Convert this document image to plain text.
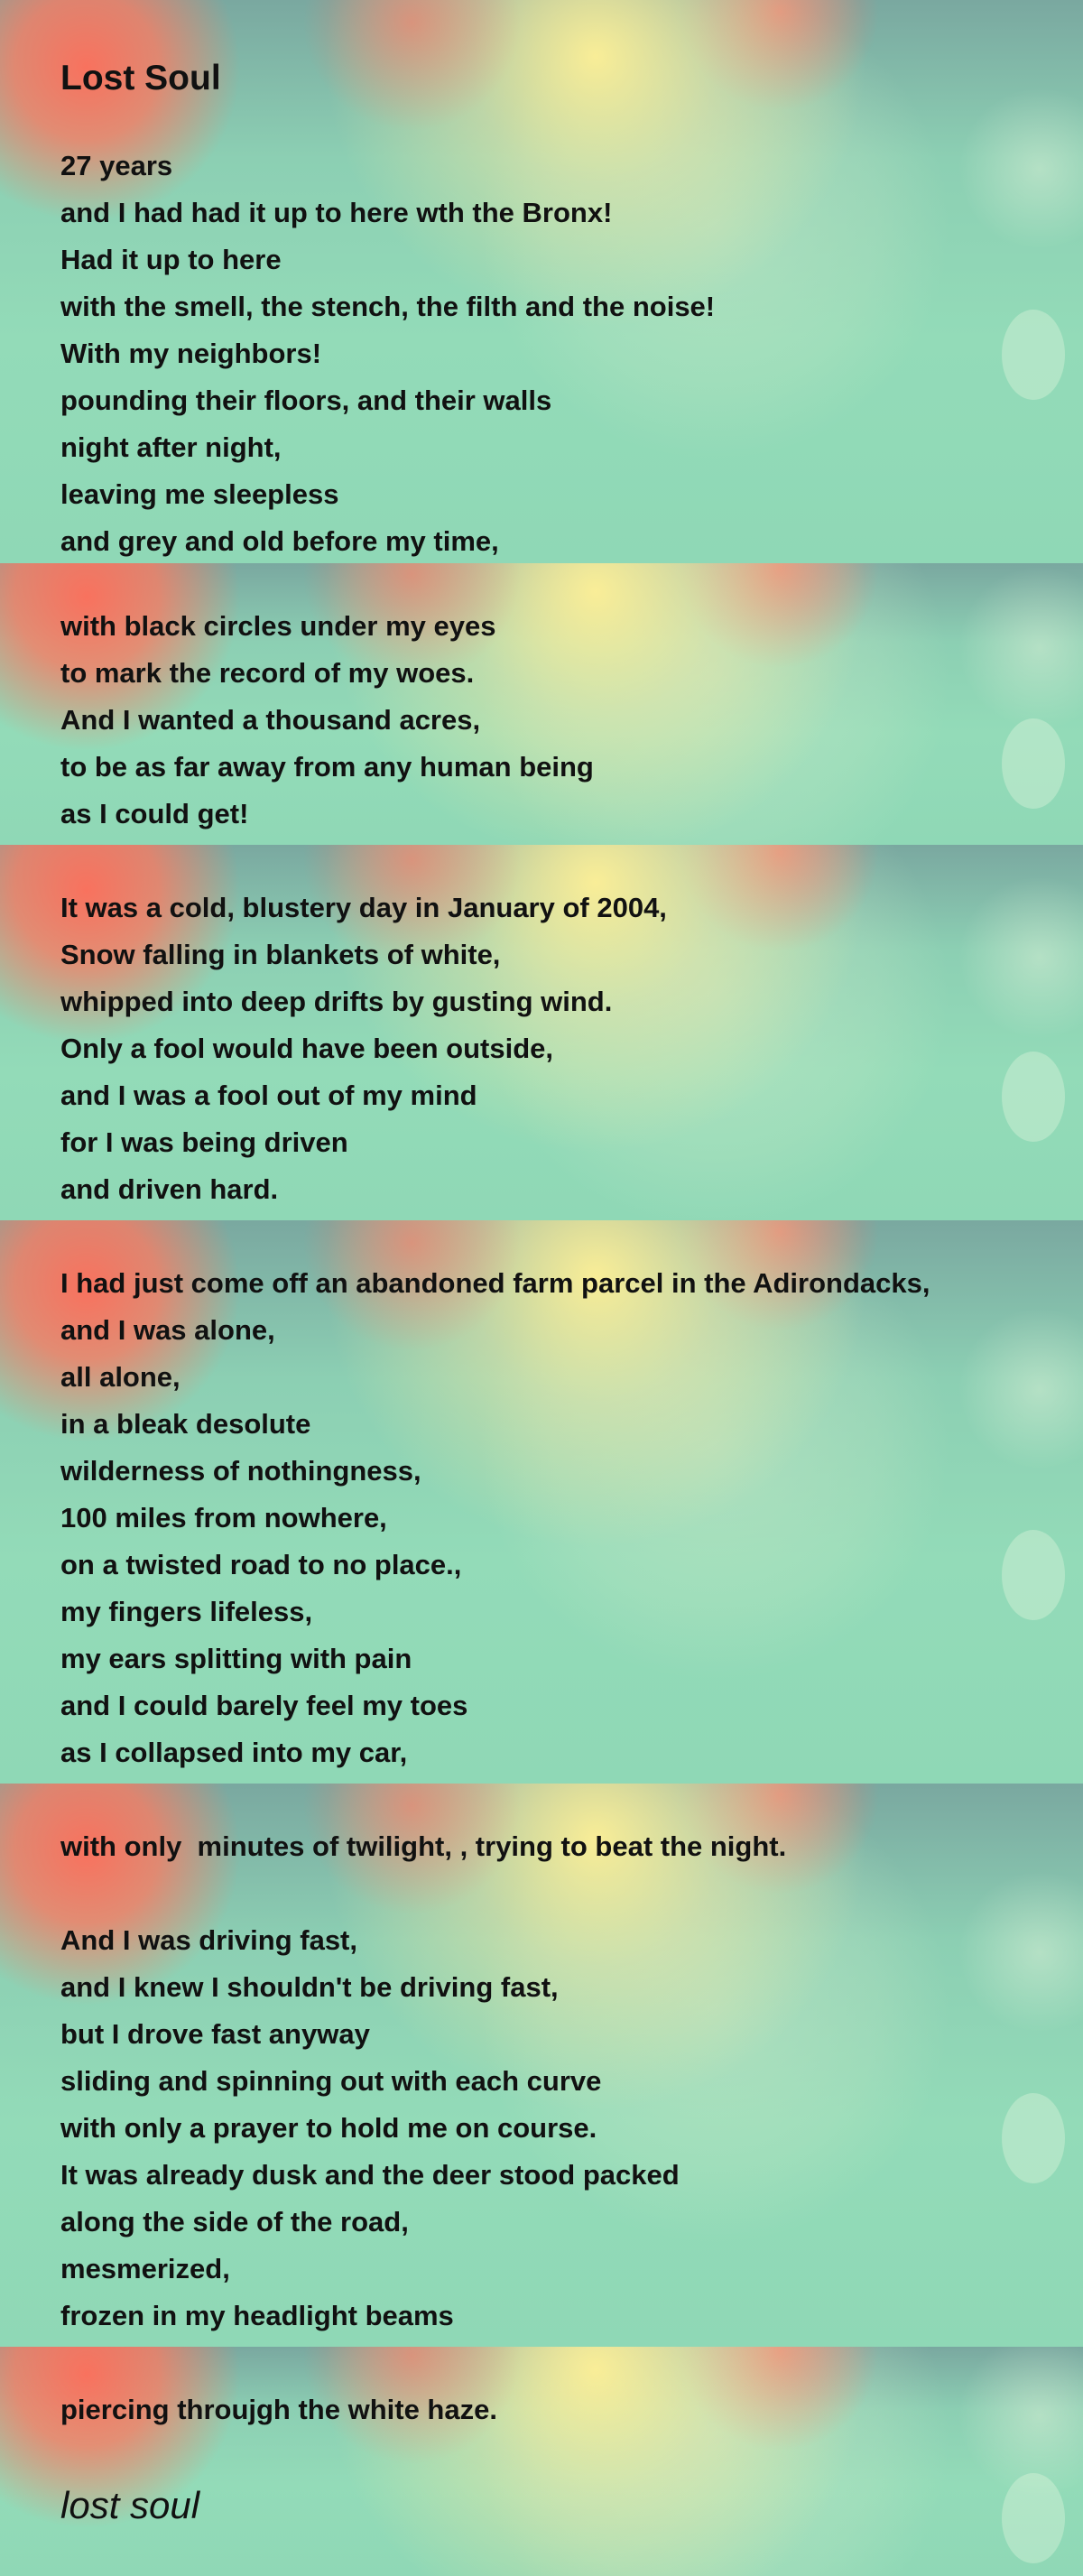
Lost Soul
27 years
and I had had it up to here wth the Bronx!
Had it up to here
with the smell, the stench, the filth and the noise!
With my neighbors!
pounding their floors, and their walls
night after night,
leaving me sleepless
and grey and old before my time,
with black circles under my eyes
to mark the record of my woes.
And I wanted a thousand acres,
to be as far away from any human being
as I could get!
It was a cold, blustery day in January of 2004,
Snow falling in blankets of white,
whipped into deep drifts by gusting wind.
Only a fool would have been outside,
and I was a fool out of my mind
for I was being driven
and driven hard.
I had just come off an abandoned farm parcel in the Adirondacks,
and I was alone,
all alone,
in a bleak desolute
wilderness of nothingness,
100 miles from nowhere,
on a twisted road to no place.,
my fingers lifeless,
my ears splitting with pain
and I could barely feel my toes
as I collapsed into my car,
with only  minutes of twilight, , trying to beat the night.
And I was driving fast,
and I knew I shouldn't be driving fast,
but I drove fast anyway
sliding and spinning out with each curve
with only a prayer to hold me on course.
It was already dusk and the deer stood packed
along the side of the road,
mesmerized,
frozen in my headlight beams
piercing throujgh the white haze.
lost soul
